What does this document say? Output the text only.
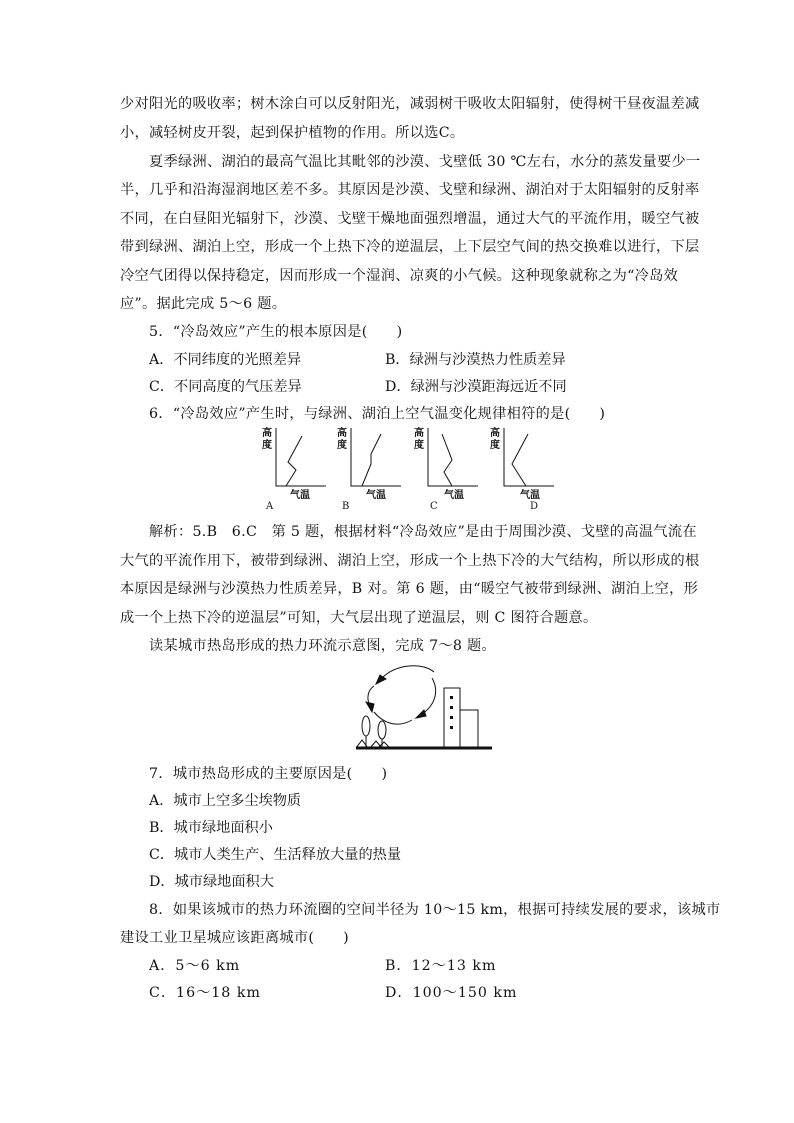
少对阳光的吸收率；树木涂白可以反射阳光，减弱树干吸收太阳辐射，使得树干昼夜温差减
小，减轻树皮开裂，起到保护植物的作用。所以选C。
夏季绿洲、湖泊的最高气温比其毗邻的沙漠、戈壁低 30 ℃左右，水分的蒸发量要少一
半，几乎和沿海湿润地区差不多。其原因是沙漠、戈壁和绿洲、湖泊对于太阳辐射的反射率
不同，在白昼阳光辐射下，沙漠、戈壁干燥地面强烈增温，通过大气的平流作用，暖空气被
带到绿洲、湖泊上空，形成一个上热下冷的逆温层，上下层空气间的热交换难以进行，下层
冷空气团得以保持稳定，因而形成一个湿润、凉爽的小气候。这种现象就称之为“冷岛效
应”。据此完成 5～6 题。
5．“冷岛效应”产生的根本原因是(　　)
A．不同纬度的光照差异	B．绿洲与沙漠热力性质差异
C．不同高度的气压差异	D．绿洲与沙漠距海远近不同
6．“冷岛效应”产生时，与绿洲、湖泊上空气温变化规律相符的是(　　)
高
度
气温
A
高
度
气温
B
高
度
气温
C
高
度
气温
D
解析：5.B　6.C　第 5 题，根据材料“冷岛效应”是由于周围沙漠、戈壁的高温气流在
大气的平流作用下，被带到绿洲、湖泊上空，形成一个上热下冷的大气结构，所以形成的根
本原因是绿洲与沙漠热力性质差异，B 对。第 6 题，由“暖空气被带到绿洲、湖泊上空，形
成一个上热下冷的逆温层”可知，大气层出现了逆温层，则 C 图符合题意。
读某城市热岛形成的热力环流示意图，完成 7～8 题。
7．城市热岛形成的主要原因是(　　)
A．城市上空多尘埃物质
B．城市绿地面积小
C．城市人类生产、生活释放大量的热量
D．城市绿地面积大
8．如果该城市的热力环流圈的空间半径为 10～15 km，根据可持续发展的要求，该城市
建设工业卫星城应该距离城市(　　)
A．5～6 km	B．12～13 km
C．16～18 km	D．100～150 km
